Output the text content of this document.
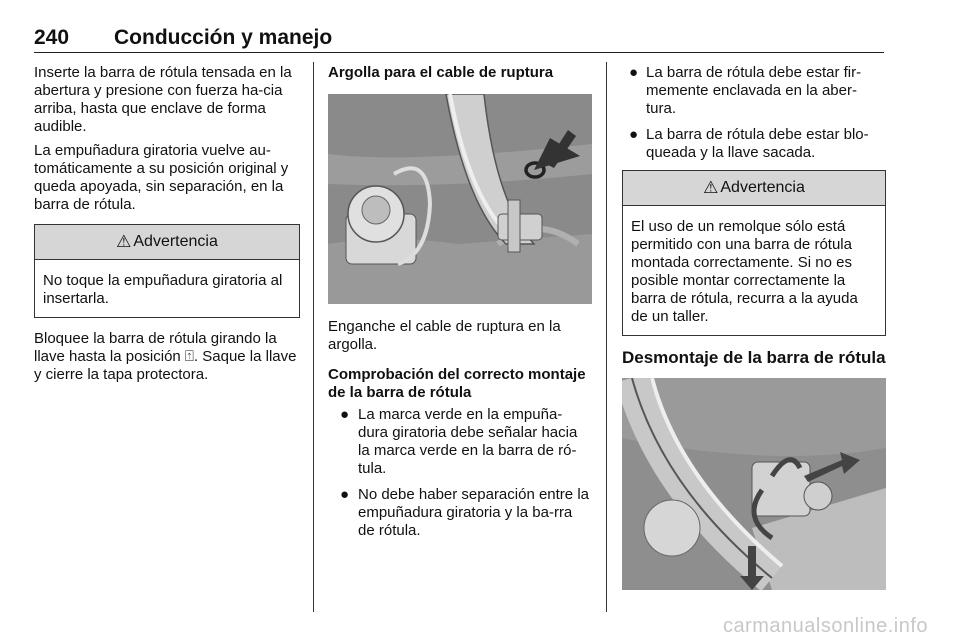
240 Conducción y manejo

Inserte la barra de rótula tensada en la abertura y presione con fuerza ha-cia arriba, hasta que enclave de forma audible.

La empuñadura giratoria vuelve au-tomáticamente a su posición original y queda apoyada, sin separación, en la barra de rótula.

⚠ Advertencia
No toque la empuñadura giratoria al insertarla.

Bloquee la barra de rótula girando la llave hasta la posición ⍐. Saque la llave y cierre la tapa protectora.

Argolla para el cable de ruptura

Enganche el cable de ruptura en la argolla.

Comprobación del correcto montaje de la barra de rótula
● La marca verde en la empuña-dura giratoria debe señalar hacia la marca verde en la barra de ró-tula.
● No debe haber separación entre la empuñadura giratoria y la ba-rra de rótula.
● La barra de rótula debe estar fir-memente enclavada en la aber-tura.
● La barra de rótula debe estar blo-queada y la llave sacada.
⚠ Advertencia
El uso de un remolque sólo está permitido con una barra de rótula montada correctamente. Si no es posible montar correctamente la barra de rótula, recurra a la ayuda de un taller.
Desmontaje de la barra de rótula
carmanualsonline.info
